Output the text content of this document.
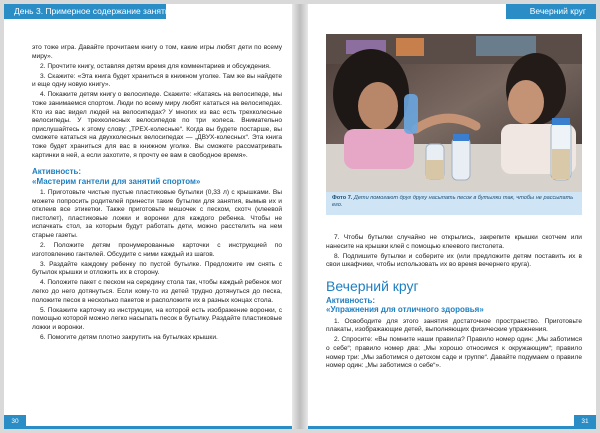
День 3. Примерное содержание занятий

это тоже игра. Давайте прочитаем книгу о том, какие игры любят дети по всему миру».

2. Прочтите книгу, оставляя детям время для комментариев и обсуждения.

3. Скажите: «Эта книга будет храниться в книжном уголке. Там же вы найдете и еще одну новую книгу».

4. Покажите детям книгу о велосипеде. Скажите: «Катаясь на велосипеде, мы тоже занимаемся спортом. Люди по всему миру любят кататься на велосипедах. Кто из вас видел людей на велосипедах? У многих из вас есть трехколесные велосипеды. У трехколесных велосипедов по три колеса. Внимательно прислушайтесь к этому слову: „ТРЕХ-колесные“. Когда вы будете постарше, вы сможете кататься на двухколесных велосипедах — „ДВУХ-колесных“. Эта книга тоже будет храниться для вас в книжном уголке. Вы сможете рассматривать картинки в ней, а если захотите, я прочту ее вам в свободное время».

Активность:
«Мастерим гантели для занятий спортом»

1. Приготовьте чистые пустые пластиковые бутылки (0,33 л) с крышками. Вы можете попросить родителей принести такие бутылки для занятия, вымыв их и отклеив все этикетки. Также приготовьте мешочек с песком, скотч (клеевой пистолет), пластиковые ложки и воронки для каждого ребенка. Чтобы не испачкать стол, за которым будут работать дети, можно расстелить на нем старые газеты.

2. Положите детям пронумерованные карточки с инструкцией по изготовлению гантелей. Обсудите с ними каждый из шагов.

3. Раздайте каждому ребенку по пустой бутылке. Предложите им снять с бутылок крышки и отложить их в сторону.

4. Положите пакет с песком на середину стола так, чтобы каждый ребенок мог легко до него дотянуться. Если кому-то из детей трудно дотянуться до песка, положите песок в несколько пакетов и расположите их в разных концах стола.

5. Покажите карточку из инструкции, на которой есть изображение воронки, с помощью которой можно легко насыпать песок в бутылку. Раздайте пластиковые ложки и воронки.

6. Помогите детям плотно закрутить на бутылках крышки.

30
Вечерний круг
Фото 7. Дети помогают друг другу насыпать песок в бутылки так, чтобы не рассыпать его.

7. Чтобы бутылки случайно не открылись, закрепите крышки скотчем или нанесите на крышки клей с помощью клеевого пистолета.

8. Подпишите бутылки и соберите их (или предложите детям поставить их в свои шкафчики, чтобы использовать их во время вечернего круга).

Вечерний круг
Активность:
«Упражнения для отличного здоровья»

1. Освободите для этого занятия достаточное пространство. Приготовьте плакаты, изображающие детей, выполняющих физические упражнения.

2. Спросите: «Вы помните наши правила? Правило номер один: „Мы заботимся о себе“; правило номер два: „Мы хорошо относимся к окружающим“; правило номер три: „Мы заботимся о детском саде и группе“. Давайте подумаем о правиле номер один: „Мы заботимся о себе“».

31
